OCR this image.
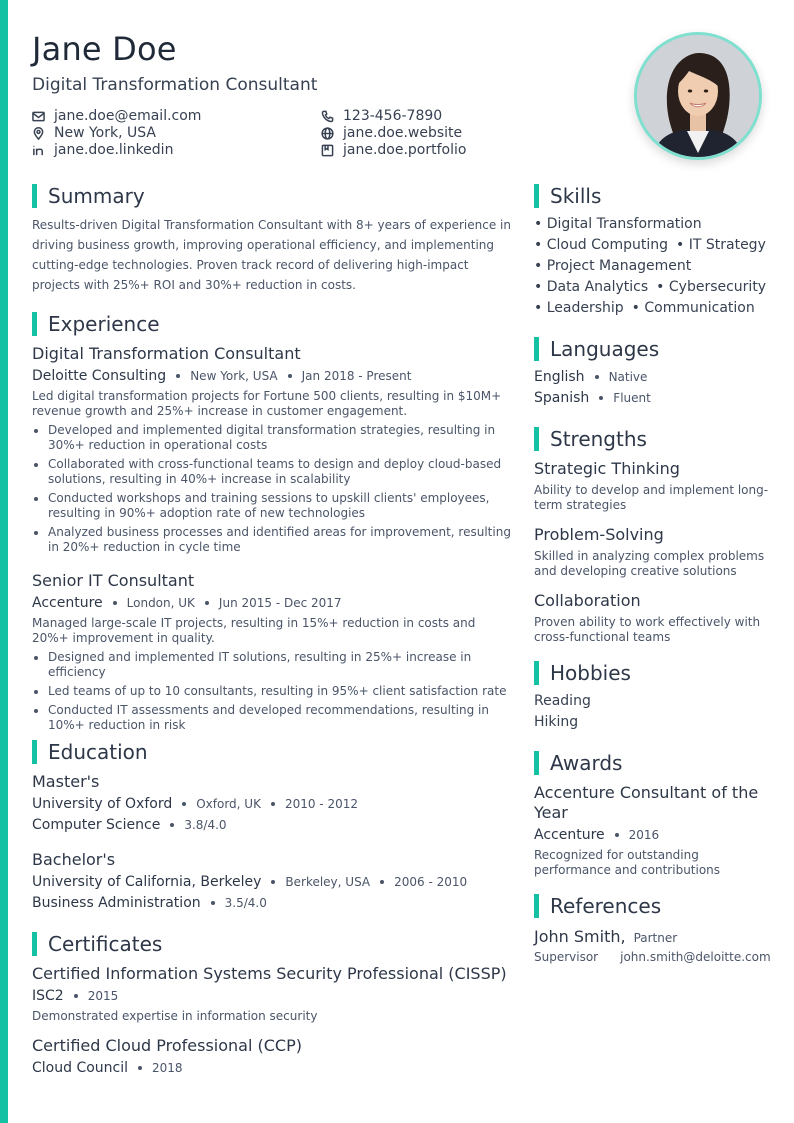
Jane Doe
Digital Transformation Consultant
jane.doe@email.com
New York, USA
jane.doe.linkedin
123-456-7890
jane.doe.website
jane.doe.portfolio
Summary
Results-driven Digital Transformation Consultant with 8+ years of experience in driving business growth, improving operational efficiency, and implementing cutting-edge technologies. Proven track record of delivering high-impact projects with 25%+ ROI and 30%+ reduction in costs.
Experience
Digital Transformation Consultant
Deloitte Consulting New York, USA Jan 2018 - Present
Led digital transformation projects for Fortune 500 clients, resulting in $10M+ revenue growth and 25%+ increase in customer engagement.
Developed and implemented digital transformation strategies, resulting in 30%+ reduction in operational costs
Collaborated with cross-functional teams to design and deploy cloud-based solutions, resulting in 40%+ increase in scalability
Conducted workshops and training sessions to upskill clients' employees, resulting in 90%+ adoption rate of new technologies
Analyzed business processes and identified areas for improvement, resulting in 20%+ reduction in cycle time
Senior IT Consultant
Accenture London, UK Jun 2015 - Dec 2017
Managed large-scale IT projects, resulting in 15%+ reduction in costs and 20%+ improvement in quality.
Designed and implemented IT solutions, resulting in 25%+ increase in efficiency
Led teams of up to 10 consultants, resulting in 95%+ client satisfaction rate
Conducted IT assessments and developed recommendations, resulting in 10%+ reduction in risk
Education
Master's
University of Oxford Oxford, UK 2010 - 2012
Computer Science 3.8/4.0
Bachelor's
University of California, Berkeley Berkeley, USA 2006 - 2010
Business Administration 3.5/4.0
Certificates
Certified Information Systems Security Professional (CISSP)
ISC2 2015
Demonstrated expertise in information security
Certified Cloud Professional (CCP)
Cloud Council 2018
Skills
• Digital Transformation
• Cloud Computing • IT Strategy
• Project Management
• Data Analytics • Cybersecurity
• Leadership • Communication
Languages
English Native
Spanish Fluent
Strengths
Strategic Thinking
Ability to develop and implement long-term strategies
Problem-Solving
Skilled in analyzing complex problems and developing creative solutions
Collaboration
Proven ability to work effectively with cross-functional teams
Hobbies
Reading
Hiking
Awards
Accenture Consultant of the Year
Accenture 2016
Recognized for outstanding performance and contributions
References
John Smith, Partner
Supervisor john.smith@deloitte.com
